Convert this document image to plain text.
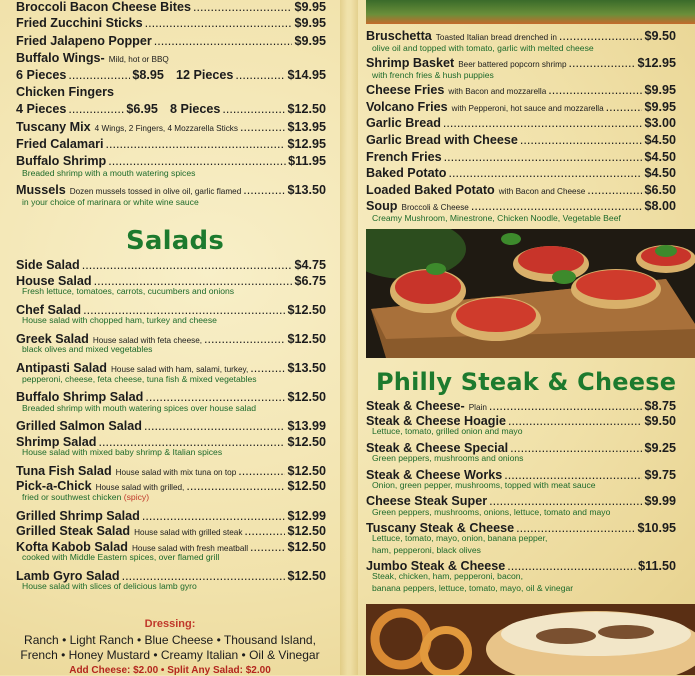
Broccoli Bacon Cheese Bites .....	$9.95
Fried Zucchini Sticks .....	$9.95
Fried Jalapeno Popper .....	$9.95
Buffalo Wings- Mild, hot or BBQ
6 Pieces .....	$8.95 12 Pieces .....	$14.95
Chicken Fingers
4 Pieces .....	$6.95 8 Pieces .....	$12.50
Tuscany Mix 4 Wings, 2 Fingers, 4 Mozzarella Sticks .....	$13.95
Fried Calamari .....	$12.95
Buffalo Shrimp .....	$11.95
Breaded shrimp with a mouth watering spices
Mussels Dozen mussels tossed in olive oil, garlic flamed .....	$13.50
in your choice of marinara or white wine sauce
Salads
Side Salad .....	$4.75
House Salad .....	$6.75
Fresh lettuce, tomatoes, carrots, cucumbers and onions
Chef Salad .....	$12.50
House salad with chopped ham, turkey and cheese
Greek Salad House salad with feta cheese, .....	$12.50
black olives and mixed vegetables
Antipasti Salad House salad with ham, salami, turkey, .....	$13.50
pepperoni, cheese, feta cheese, tuna fish & mixed vegetables
Buffalo Shrimp Salad .....	$12.50
Breaded shrimp with mouth watering spices over house salad
Grilled Salmon Salad .....	$13.99
Shrimp Salad .....	$12.50
House salad with mixed baby shrimp & Italian spices
Tuna Fish Salad House salad with mix tuna on top .....	$12.50
Pick-a-Chick House salad with grilled, .....	$12.50
fried or southwest chicken (spicy)
Grilled Shrimp Salad .....	$12.99
Grilled Steak Salad House salad with grilled steak .....	$12.50
Kofta Kabob Salad House salad with fresh meatball .....	$12.50
cooked with Middle Eastern spices, over flamed grill
Lamb Gyro Salad .....	$12.50
House salad with slices of delicious lamb gyro
Dressing:
Ranch • Light Ranch • Blue Cheese • Thousand Island,
French • Honey Mustard • Creamy Italian • Oil & Vinegar
Add Cheese: $2.00 • Split Any Salad: $2.00
Bruschetta Toasted Italian bread drenched in .....	$9.50
olive oil and topped with tomato, garlic with melted cheese
Shrimp Basket Beer battered popcorn shrimp .....	$12.95
with french fries & hush puppies
Cheese Fries with Bacon and mozzarella .....	$9.95
Volcano Fries with Pepperoni, hot sauce and mozzarella .....	$9.95
Garlic Bread .....	$3.00
Garlic Bread with Cheese .....	$4.50
French Fries .....	$4.50
Baked Potato .....	$4.50
Loaded Baked Potato with Bacon and Cheese .....	$6.50
Soup Broccoli & Cheese .....	$8.00
Creamy Mushroom, Minestrone, Chicken Noodle, Vegetable Beef
Philly Steak & Cheese
Steak & Cheese- Plain .....	$8.75
Steak & Cheese Hoagie .....	$9.50
Lettuce, tomato, grilled onion and mayo
Steak & Cheese Special .....	$9.25
Green peppers, mushrooms and onions
Steak & Cheese Works .....	$9.75
Onion, green pepper, mushrooms, topped with meat sauce
Cheese Steak Super .....	$9.99
Green peppers, mushrooms, onions, lettuce, tomato and mayo
Tuscany Steak & Cheese .....	$10.95
Lettuce, tomato, mayo, onion, banana pepper,
ham, pepperoni, black olives
Jumbo Steak & Cheese .....	$11.50
Steak, chicken, ham, pepperoni, bacon,
banana peppers, lettuce, tomato, mayo, oil & vinegar
